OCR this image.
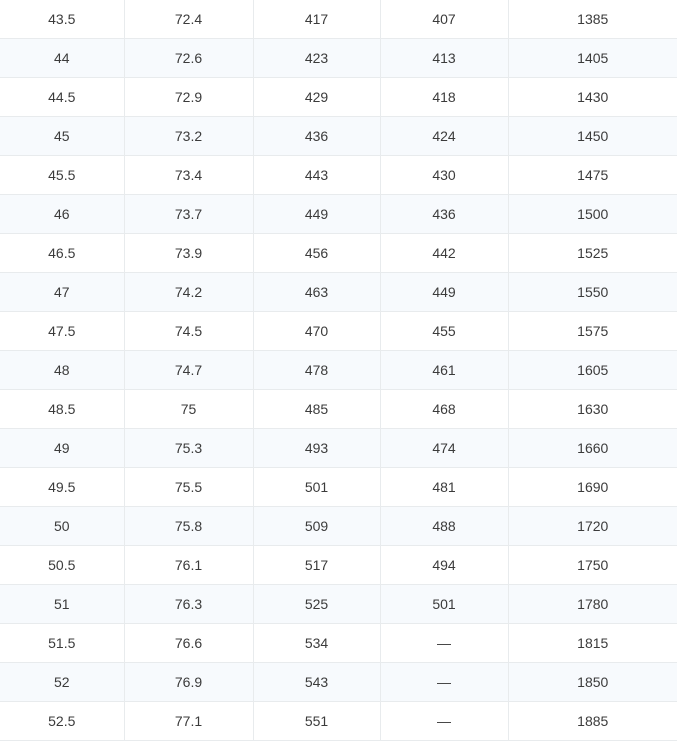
43.5	72.4	417	407	1385
44	72.6	423	413	1405
44.5	72.9	429	418	1430
45	73.2	436	424	1450
45.5	73.4	443	430	1475
46	73.7	449	436	1500
46.5	73.9	456	442	1525
47	74.2	463	449	1550
47.5	74.5	470	455	1575
48	74.7	478	461	1605
48.5	75	485	468	1630
49	75.3	493	474	1660
49.5	75.5	501	481	1690
50	75.8	509	488	1720
50.5	76.1	517	494	1750
51	76.3	525	501	1780
51.5	76.6	534	—	1815
52	76.9	543	—	1850
52.5	77.1	551	—	1885
